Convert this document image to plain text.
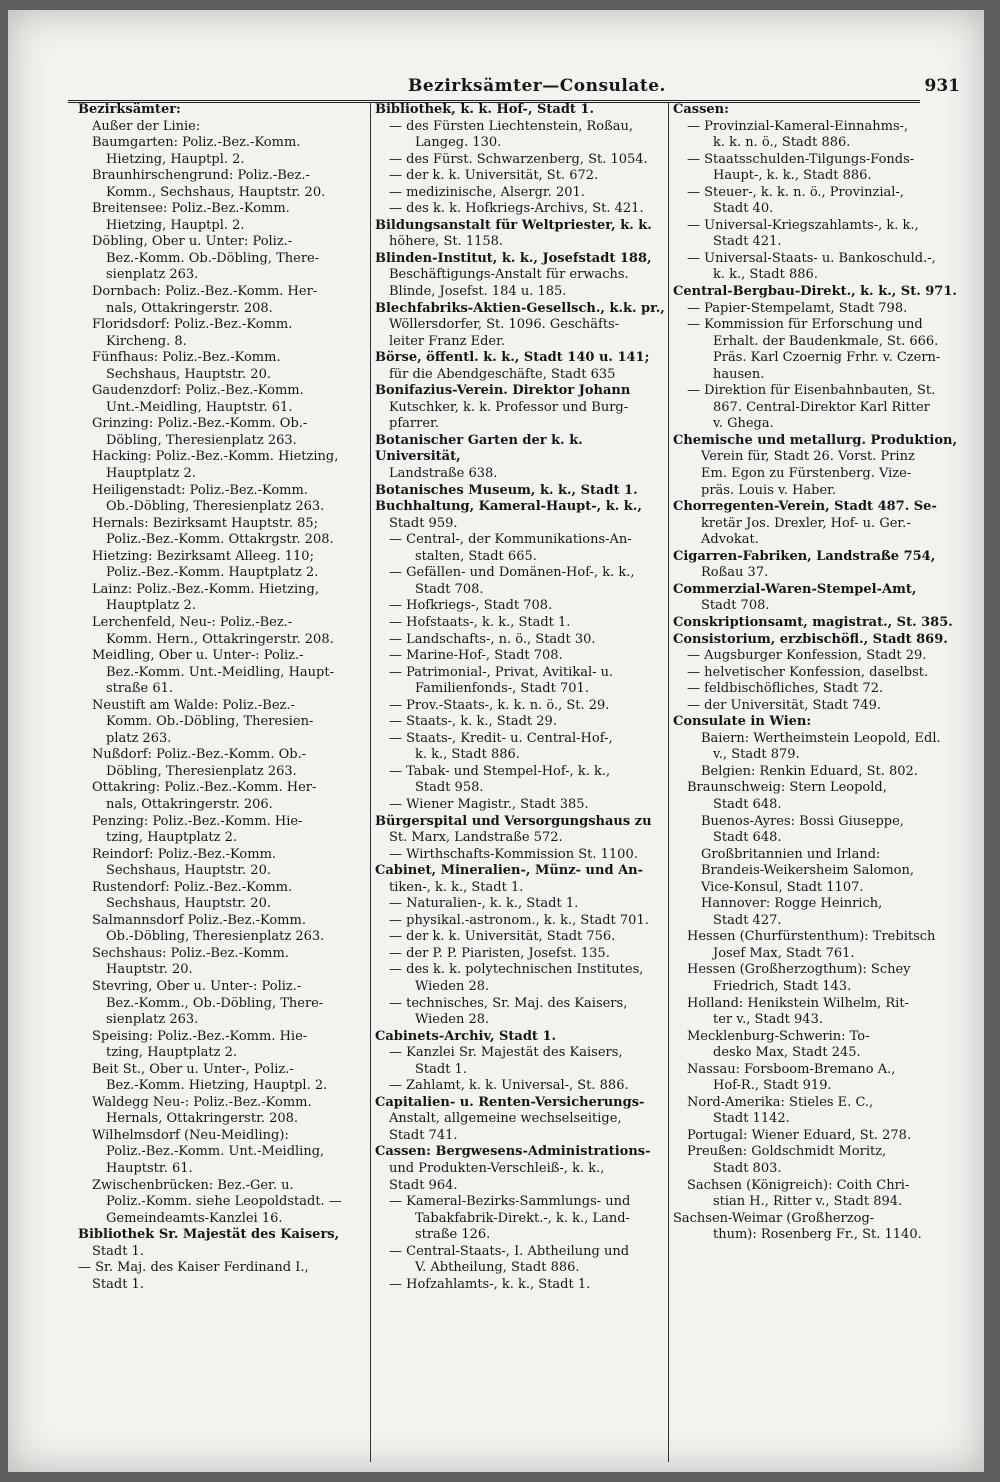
Bezirksämter—Consulate.	931
Bezirksämter:
Außer der Linie:
Baumgarten: Poliz.-Bez.-Komm.
Hietzing, Hauptpl. 2.
Braunhirschengrund: Poliz.-Bez.-
Komm., Sechshaus, Hauptstr. 20.
Breitensee: Poliz.-Bez.-Komm.
Hietzing, Hauptpl. 2.
Döbling, Ober u. Unter: Poliz.-
Bez.-Komm. Ob.-Döbling, There-
sienplatz 263.
Dornbach: Poliz.-Bez.-Komm. Her-
nals, Ottakringerstr. 208.
Floridsdorf: Poliz.-Bez.-Komm.
Kircheng. 8.
Fünfhaus: Poliz.-Bez.-Komm.
Sechshaus, Hauptstr. 20.
Gaudenzdorf: Poliz.-Bez.-Komm.
Unt.-Meidling, Hauptstr. 61.
Grinzing: Poliz.-Bez.-Komm. Ob.-
Döbling, Theresienplatz 263.
Hacking: Poliz.-Bez.-Komm. Hietzing,
Hauptplatz 2.
Heiligenstadt: Poliz.-Bez.-Komm.
Ob.-Döbling, Theresienplatz 263.
Hernals: Bezirksamt Hauptstr. 85;
Poliz.-Bez.-Komm. Ottakrgstr. 208.
Hietzing: Bezirksamt Alleeg. 110;
Poliz.-Bez.-Komm. Hauptplatz 2.
Lainz: Poliz.-Bez.-Komm. Hietzing,
Hauptplatz 2.
Lerchenfeld, Neu-: Poliz.-Bez.-
Komm. Hern., Ottakringerstr. 208.
Meidling, Ober u. Unter-: Poliz.-
Bez.-Komm. Unt.-Meidling, Haupt-
straße 61.
Neustift am Walde: Poliz.-Bez.-
Komm. Ob.-Döbling, Theresien-
platz 263.
Nußdorf: Poliz.-Bez.-Komm. Ob.-
Döbling, Theresienplatz 263.
Ottakring: Poliz.-Bez.-Komm. Her-
nals, Ottakringerstr. 206.
Penzing: Poliz.-Bez.-Komm. Hie-
tzing, Hauptplatz 2.
Reindorf: Poliz.-Bez.-Komm.
Sechshaus, Hauptstr. 20.
Rustendorf: Poliz.-Bez.-Komm.
Sechshaus, Hauptstr. 20.
Salmannsdorf Poliz.-Bez.-Komm.
Ob.-Döbling, Theresienplatz 263.
Sechshaus: Poliz.-Bez.-Komm.
Hauptstr. 20.
Stevring, Ober u. Unter-: Poliz.-
Bez.-Komm., Ob.-Döbling, There-
sienplatz 263.
Speising: Poliz.-Bez.-Komm. Hie-
tzing, Hauptplatz 2.
Beit St., Ober u. Unter-, Poliz.-
Bez.-Komm. Hietzing, Hauptpl. 2.
Waldegg Neu-: Poliz.-Bez.-Komm.
Hernals, Ottakringerstr. 208.
Wilhelmsdorf (Neu-Meidling):
Poliz.-Bez.-Komm. Unt.-Meidling,
Hauptstr. 61.
Zwischenbrücken: Bez.-Ger. u.
Poliz.-Komm. siehe Leopoldstadt. —
Gemeindeamts-Kanzlei 16.
Bibliothek Sr. Majestät des Kaisers,
Stadt 1.
— Sr. Maj. des Kaiser Ferdinand I.,
Stadt 1.
Bibliothek, k. k. Hof-, Stadt 1.
— des Fürsten Liechtenstein, Roßau,
Langeg. 130.
— des Fürst. Schwarzenberg, St. 1054.
— der k. k. Universität, St. 672.
— medizinische, Alsergr. 201.
— des k. k. Hofkriegs-Archivs, St. 421.
Bildungsanstalt für Weltpriester, k. k.
höhere, St. 1158.
Blinden-Institut, k. k., Josefstadt 188,
Beschäftigungs-Anstalt für erwachs.
Blinde, Josefst. 184 u. 185.
Blechfabriks-Aktien-Gesellsch., k.k. pr.,
Wöllersdorfer, St. 1096. Geschäfts-
leiter Franz Eder.
Börse, öffentl. k. k., Stadt 140 u. 141;
für die Abendgeschäfte, Stadt 635
Bonifazius-Verein. Direktor Johann
Kutschker, k. k. Professor und Burg-
pfarrer.
Botanischer Garten der k. k. Universität,
Landstraße 638.
Botanisches Museum, k. k., Stadt 1.
Buchhaltung, Kameral-Haupt-, k. k.,
Stadt 959.
— Central-, der Kommunikations-An-
stalten, Stadt 665.
— Gefällen- und Domänen-Hof-, k. k.,
Stadt 708.
— Hofkriegs-, Stadt 708.
— Hofstaats-, k. k., Stadt 1.
— Landschafts-, n. ö., Stadt 30.
— Marine-Hof-, Stadt 708.
— Patrimonial-, Privat, Avitikal- u.
Familienfonds-, Stadt 701.
— Prov.-Staats-, k. k. n. ö., St. 29.
— Staats-, k. k., Stadt 29.
— Staats-, Kredit- u. Central-Hof-,
k. k., Stadt 886.
— Tabak- und Stempel-Hof-, k. k.,
Stadt 958.
— Wiener Magistr., Stadt 385.
Bürgerspital und Versorgungshaus zu
St. Marx, Landstraße 572.
— Wirthschafts-Kommission St. 1100.
Cabinet, Mineralien-, Münz- und An-
tiken-, k. k., Stadt 1.
— Naturalien-, k. k., Stadt 1.
— physikal.-astronom., k. k., Stadt 701.
— der k. k. Universität, Stadt 756.
— der P. P. Piaristen, Josefst. 135.
— des k. k. polytechnischen Institutes,
Wieden 28.
— technisches, Sr. Maj. des Kaisers,
Wieden 28.
Cabinets-Archiv, Stadt 1.
— Kanzlei Sr. Majestät des Kaisers,
Stadt 1.
— Zahlamt, k. k. Universal-, St. 886.
Capitalien- u. Renten-Versicherungs-
Anstalt, allgemeine wechselseitige,
Stadt 741.
Cassen: Bergwesens-Administrations-
und Produkten-Verschleiß-, k. k.,
Stadt 964.
— Kameral-Bezirks-Sammlungs- und
Tabakfabrik-Direkt.-, k. k., Land-
straße 126.
— Central-Staats-, I. Abtheilung und
V. Abtheilung, Stadt 886.
— Hofzahlamts-, k. k., Stadt 1.
Cassen:
— Provinzial-Kameral-Einnahms-,
k. k. n. ö., Stadt 886.
— Staatsschulden-Tilgungs-Fonds-
Haupt-, k. k., Stadt 886.
— Steuer-, k. k. n. ö., Provinzial-,
Stadt 40.
— Universal-Kriegszahlamts-, k. k.,
Stadt 421.
— Universal-Staats- u. Bankoschuld.-,
k. k., Stadt 886.
Central-Bergbau-Direkt., k. k., St. 971.
— Papier-Stempelamt, Stadt 798.
— Kommission für Erforschung und
Erhalt. der Baudenkmale, St. 666.
Präs. Karl Czoernig Frhr. v. Czern-
hausen.
— Direktion für Eisenbahnbauten, St.
867. Central-Direktor Karl Ritter
v. Ghega.
Chemische und metallurg. Produktion,
Verein für, Stadt 26. Vorst. Prinz
Em. Egon zu Fürstenberg. Vize-
präs. Louis v. Haber.
Chorregenten-Verein, Stadt 487. Se-
kretär Jos. Drexler, Hof- u. Ger.-
Advokat.
Cigarren-Fabriken, Landstraße 754,
Roßau 37.
Commerzial-Waren-Stempel-Amt,
Stadt 708.
Conskriptionsamt, magistrat., St. 385.
Consistorium, erzbischöfl., Stadt 869.
— Augsburger Konfession, Stadt 29.
— helvetischer Konfession, daselbst.
— feldbischöfliches, Stadt 72.
— der Universität, Stadt 749.
Consulate in Wien:
Baiern: Wertheimstein Leopold, Edl.
v., Stadt 879.
Belgien: Renkin Eduard, St. 802.
Braunschweig: Stern Leopold,
Stadt 648.
Buenos-Ayres: Bossi Giuseppe,
Stadt 648.
Großbritannien und Irland:
Brandeis-Weikersheim Salomon,
Vice-Konsul, Stadt 1107.
Hannover: Rogge Heinrich,
Stadt 427.
Hessen (Churfürstenthum): Trebitsch
Josef Max, Stadt 761.
Hessen (Großherzogthum): Schey
Friedrich, Stadt 143.
Holland: Henikstein Wilhelm, Rit-
ter v., Stadt 943.
Mecklenburg-Schwerin: To-
desko Max, Stadt 245.
Nassau: Forsboom-Bremano A.,
Hof-R., Stadt 919.
Nord-Amerika: Stieles E. C.,
Stadt 1142.
Portugal: Wiener Eduard, St. 278.
Preußen: Goldschmidt Moritz,
Stadt 803.
Sachsen (Königreich): Coith Chri-
stian H., Ritter v., Stadt 894.
Sachsen-Weimar (Großherzog-
thum): Rosenberg Fr., St. 1140.
